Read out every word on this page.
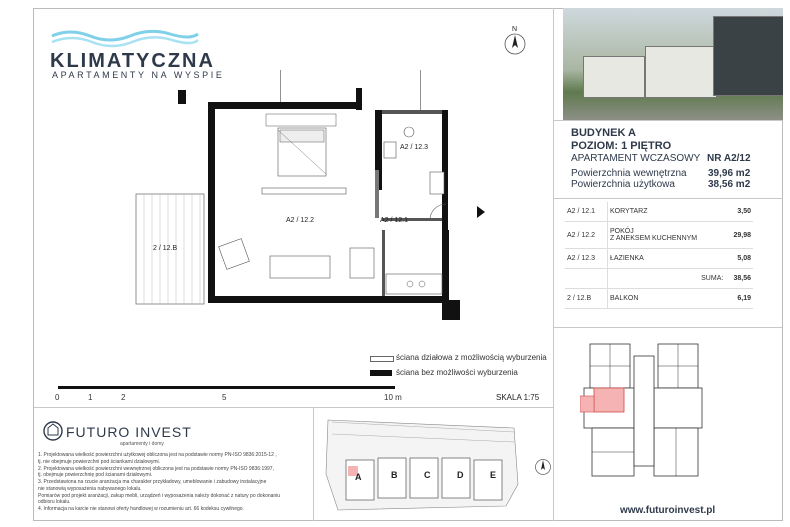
KLIMATYCZNA
APARTAMENTY NA WYSPIE
N
A2 / 12.2	A2 / 12.1
A2 / 12.3
2 / 12.B
ściana działowa z możliwością wyburzenia
ściana bez możliwości wyburzenia
0	1	2	5	10 m	SKALA 1:75
FUTURO INVEST
apartamenty i domy
1. Projektowana wielkość powierzchni użytkowej obliczona jest na podstawie normy PN-ISO 9836:2015-12 ,
tj. nie obejmuje powierzchni pod ściankami działowymi.
2. Projektowana wielkość powierzchni wewnętrznej obliczona jest na podstawie normy PN-ISO 9836:1997,
tj. obejmuje powierzchnię pod ścianami działowymi.
3. Przedstawiona na rzucie aranżacja ma charakter przykładowy, umeblowanie i zabudowy instalacyjne
nie stanowią wyposażenia nabywanego lokalu.
Pomiarów pod projekt aranżacji, zakup mebli, urządzeń i wyposażenia należy dokonać z natury po dokonaniu
odbioru lokalu.
4. Informacja na karcie nie stanowi oferty handlowej w rozumieniu art. 66 kodeksu cywilnego.
A	B	C	D	E
BUDYNEK A
POZIOM: 1 PIĘTRO
APARTAMENT WCZASOWY NR A2/12
Powierzchnia wewnętrzna 39,96 m2
Powierzchnia użytkowa	38,56 m2
A2 / 12.1	KORYTARZ	3,50
A2 / 12.2	POKÓJ
Z ANEKSEM KUCHENNYM	29,98
A2 / 12.3	ŁAZIENKA	5,08
	SUMA:	38,56
2 / 12.B	BALKON	6,19
www.futuroinvest.pl
